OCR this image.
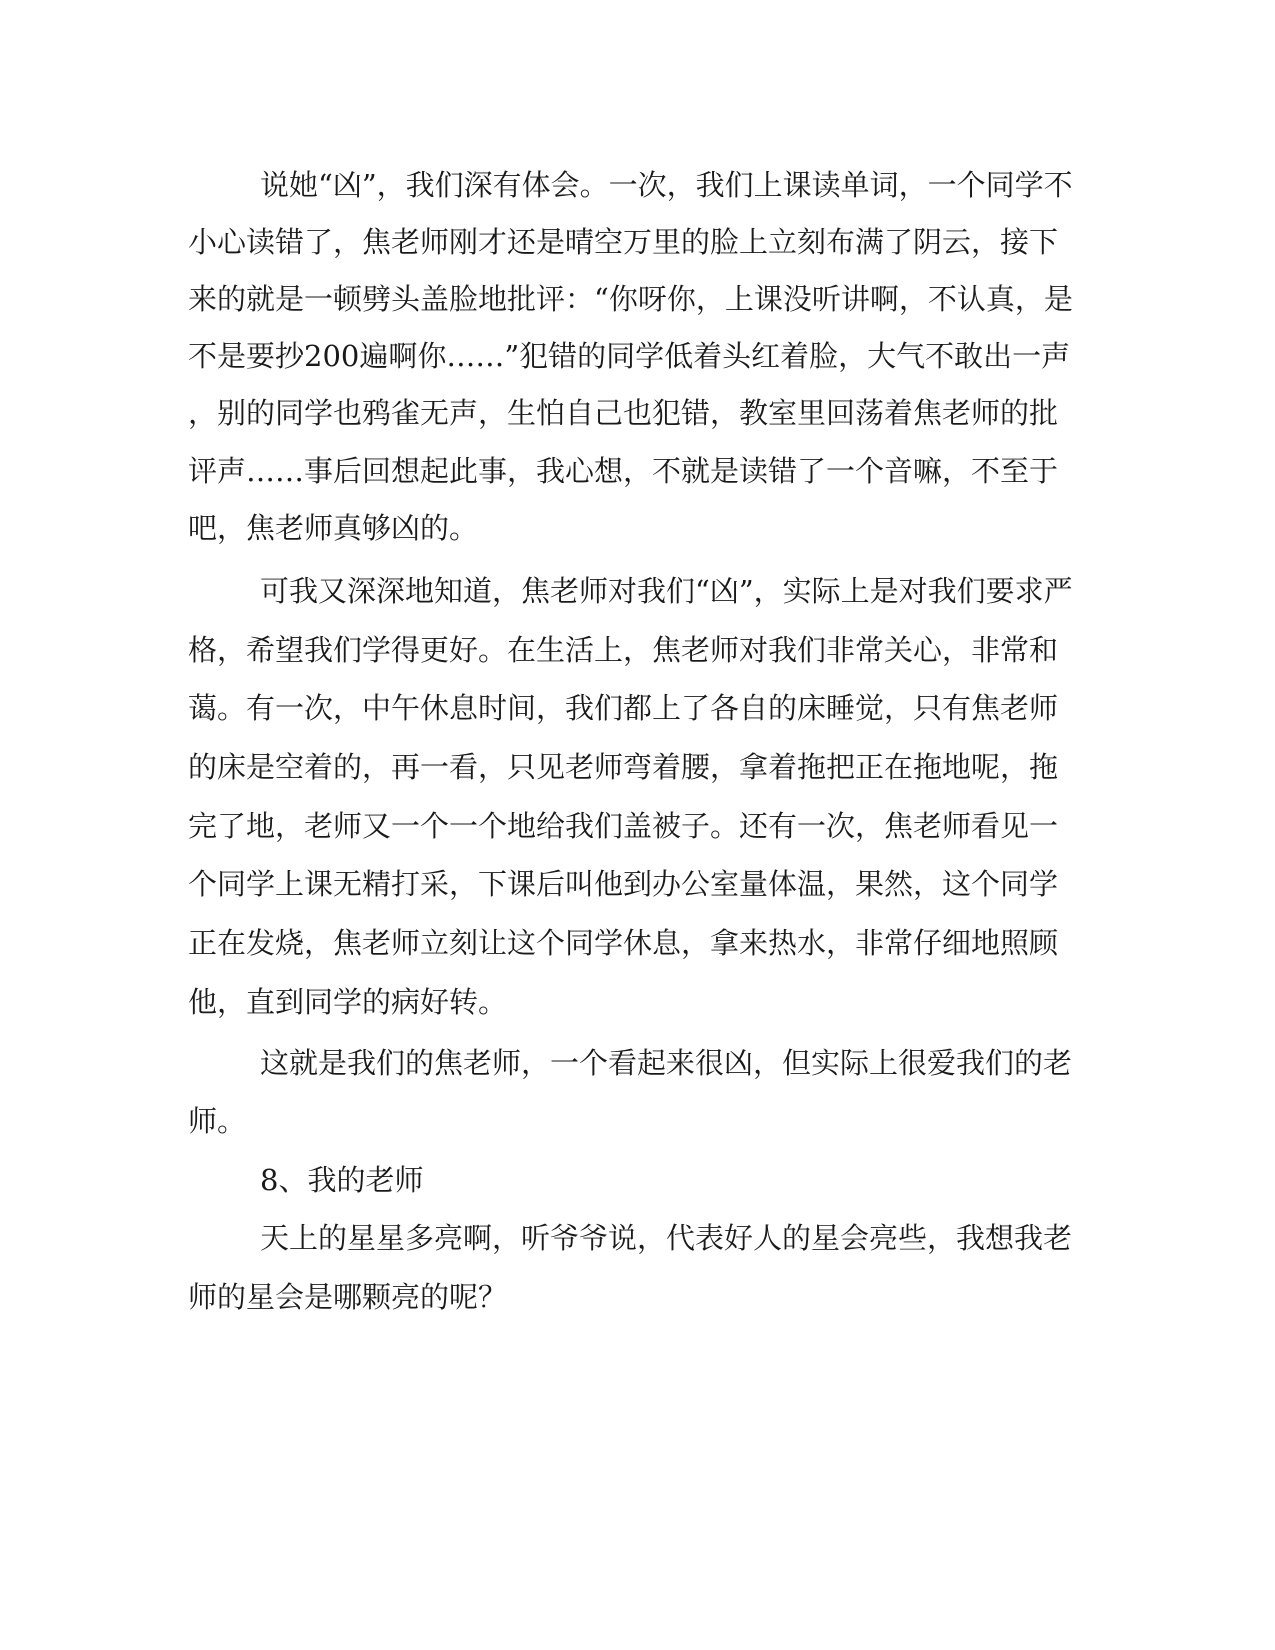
说她“凶”，我们深有体会。一次，我们上课读单词，一个同学不
小心读错了，焦老师刚才还是晴空万里的脸上立刻布满了阴云，接下
来的就是一顿劈头盖脸地批评：“你呀你，上课没听讲啊，不认真，是
不是要抄200遍啊你……”犯错的同学低着头红着脸，大气不敢出一声
，别的同学也鸦雀无声，生怕自己也犯错，教室里回荡着焦老师的批
评声……事后回想起此事，我心想，不就是读错了一个音嘛，不至于
吧，焦老师真够凶的。
可我又深深地知道，焦老师对我们“凶”，实际上是对我们要求严
格，希望我们学得更好。在生活上，焦老师对我们非常关心，非常和
蔼。有一次，中午休息时间，我们都上了各自的床睡觉，只有焦老师
的床是空着的，再一看，只见老师弯着腰，拿着拖把正在拖地呢，拖
完了地，老师又一个一个地给我们盖被子。还有一次，焦老师看见一
个同学上课无精打采，下课后叫他到办公室量体温，果然，这个同学
正在发烧，焦老师立刻让这个同学休息，拿来热水，非常仔细地照顾
他，直到同学的病好转。
这就是我们的焦老师，一个看起来很凶，但实际上很爱我们的老
师。
8、我的老师
天上的星星多亮啊，听爷爷说，代表好人的星会亮些，我想我老
师的星会是哪颗亮的呢？
